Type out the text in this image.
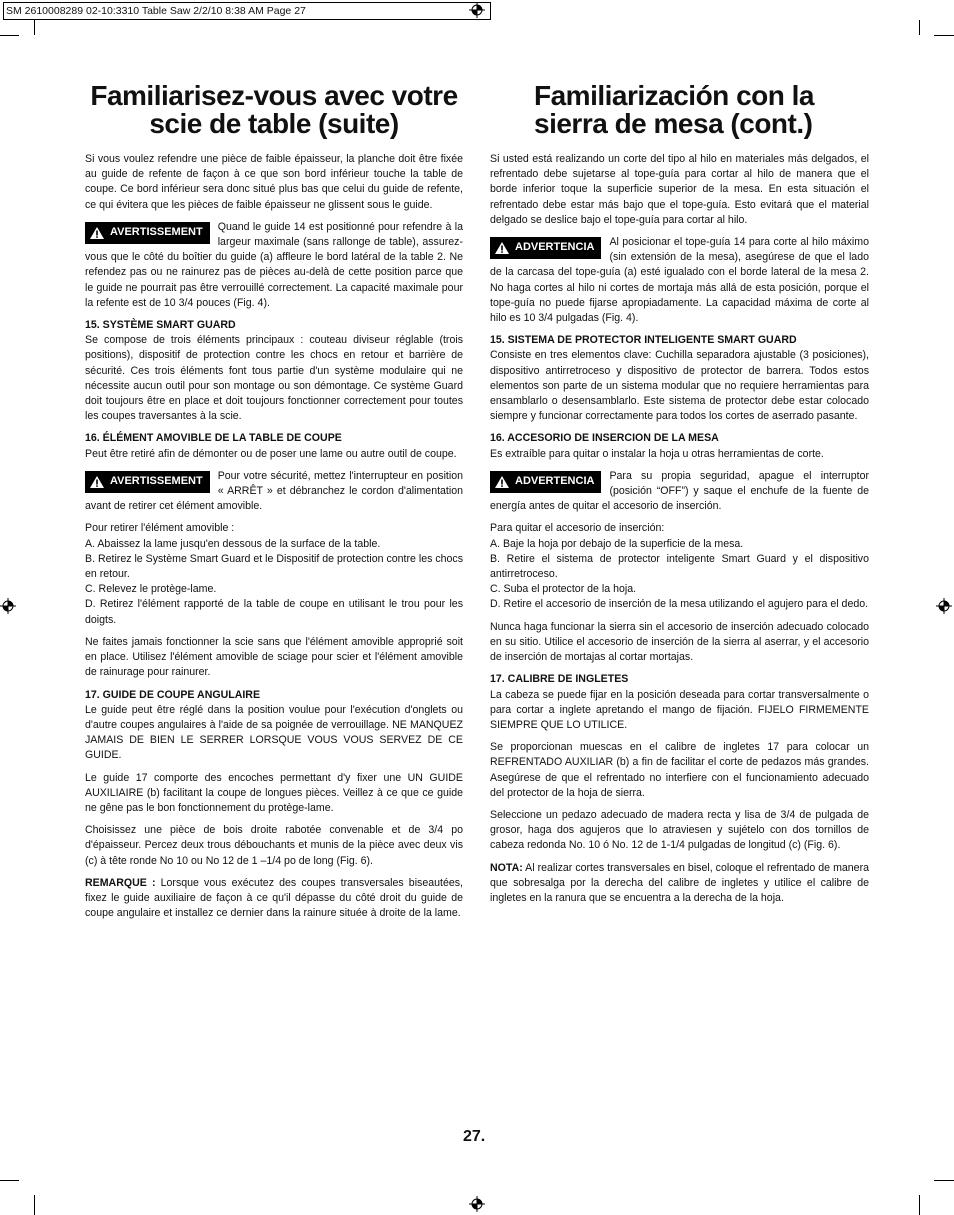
SM 2610008289 02-10:3310 Table Saw 2/2/10 8:38 AM Page 27
Familiarisez-vous avec votre scie de table (suite)

Si vous voulez refendre une pièce de faible épaisseur, la planche doit être fixée au guide de refente de façon à ce que son bord inférieur touche la table de coupe. Ce bord inférieur sera donc situé plus bas que celui du guide de refente, ce qui évitera que les pièces de faible épaisseur ne glissent sous le guide.

AVERTISSEMENT	Quand le guide 14 est positionné pour refendre à la largeur maximale (sans rallonge de table), assurez-vous que le côté du boîtier du guide (a) affleure le bord latéral de la table 2. Ne refendez pas ou ne rainurez pas de pièces au-delà de cette position parce que le guide ne pourrait pas être verrouillé correctement. La capacité maximale pour la refente est de 10 3/4 pouces (Fig. 4).

15. SYSTÈME SMART GUARD

Se compose de trois éléments principaux : couteau diviseur réglable (trois positions), dispositif de protection contre les chocs en retour et barrière de sécurité. Ces trois éléments font tous partie d'un système modulaire qui ne nécessite aucun outil pour son montage ou son démontage. Ce système Guard doit toujours être en place et doit toujours fonctionner correctement pour toutes les coupes traversantes à la scie.

16. ÉLÉMENT AMOVIBLE DE LA TABLE DE COUPE

Peut être retiré afin de démonter ou de poser une lame ou autre outil de coupe.

AVERTISSEMENT	Pour votre sécurité, mettez l'interrupteur en position « ARRÊT » et débranchez le cordon d'alimentation avant de retirer cet élément amovible.

Pour retirer l'élément amovible :

A. Abaissez la lame jusqu'en dessous de la surface de la table.

B. Retirez le Système Smart Guard et le Dispositif de protection contre les chocs en retour.

C. Relevez le protège-lame.

D. Retirez l'élément rapporté de la table de coupe en utilisant le trou pour les doigts.

Ne faites jamais fonctionner la scie sans que l'élément amovible approprié soit en place. Utilisez l'élément amovible de sciage pour scier et l'élément amovible de rainurage pour rainurer.

17. GUIDE DE COUPE ANGULAIRE

Le guide peut être réglé dans la position voulue pour l'exécution d'onglets ou d'autre coupes angulaires à l'aide de sa poignée de verrouillage. NE MANQUEZ JAMAIS DE BIEN LE SERRER LORSQUE VOUS VOUS SERVEZ DE CE GUIDE.

Le guide 17 comporte des encoches permettant d'y fixer une UN GUIDE AUXILIAIRE (b) facilitant la coupe de longues pièces. Veillez à ce que ce guide ne gêne pas le bon fonctionnement du protège-lame.

Choisissez une pièce de bois droite rabotée convenable et de 3/4 po d'épaisseur. Percez deux trous débouchants et munis de la pièce avec deux vis (c) à tête ronde No 10 ou No 12 de 1 –1/4 po de long (Fig. 6).

REMARQUE : Lorsque vous exécutez des coupes transversales biseautées, fixez le guide auxiliaire de façon à ce qu'il dépasse du côté droit du guide de coupe angulaire et installez ce dernier dans la rainure située à droite de la lame.

Familiarización con la sierra de mesa (cont.)

Si usted está realizando un corte del tipo al hilo en materiales más delgados, el refrentado debe sujetarse al tope-guía para cortar al hilo de manera que el borde inferior toque la superficie superior de la mesa. En esta situación el refrentado debe estar más bajo que el tope-guía. Esto evitará que el material delgado se deslice bajo el tope-guía para cortar al hilo.

ADVERTENCIA	Al posicionar el tope-guía 14 para corte al hilo máximo (sin extensión de la mesa), asegúrese de que el lado de la carcasa del tope-guía (a) esté igualado con el borde lateral de la mesa 2. No haga cortes al hilo ni cortes de mortaja más allá de esta posición, porque el tope-guía no puede fijarse apropiadamente. La capacidad máxima de corte al hilo es 10 3/4 pulgadas (Fig. 4).

15. SISTEMA DE PROTECTOR INTELIGENTE SMART GUARD

Consiste en tres elementos clave: Cuchilla separadora ajustable (3 posiciones), dispositivo antirretroceso y dispositivo de protector de barrera. Todos estos elementos son parte de un sistema modular que no requiere herramientas para ensamblarlo o desensamblarlo. Este sistema de protector debe estar colocado siempre y funcionar correctamente para todos los cortes de aserrado pasante.

16. ACCESORIO DE INSERCION DE LA MESA

Es extraíble para quitar o instalar la hoja u otras herramientas de corte.

ADVERTENCIA	Para su propia seguridad, apague el interruptor (posición “OFF”) y saque el enchufe de la fuente de energía antes de quitar el accesorio de inserción.

Para quitar el accesorio de inserción:

A. Baje la hoja por debajo de la superficie de la mesa.

B. Retire el sistema de protector inteligente Smart Guard y el dispositivo antirretroceso.

C. Suba el protector de la hoja.

D. Retire el accesorio de inserción de la mesa utilizando el agujero para el dedo.

Nunca haga funcionar la sierra sin el accesorio de inserción adecuado colocado en su sitio. Utilice el accesorio de inserción de la sierra al aserrar, y el accesorio de inserción de mortajas al cortar mortajas.

17. CALIBRE DE INGLETES

La cabeza se puede fijar en la posición deseada para cortar transversalmente o para cortar a inglete apretando el mango de fijación. FIJELO FIRMEMENTE SIEMPRE QUE LO UTILICE.

Se proporcionan muescas en el calibre de ingletes 17 para colocar un REFRENTADO AUXILIAR (b) a fin de facilitar el corte de pedazos más grandes. Asegúrese de que el refrentado no interfiere con el funcionamiento adecuado del protector de la hoja de sierra.

Seleccione un pedazo adecuado de madera recta y lisa de 3/4 de pulgada de grosor, haga dos agujeros que lo atraviesen y sujételo con dos tornillos de cabeza redonda No. 10 ó No. 12 de 1-1/4 pulgadas de longitud (c) (Fig. 6).

NOTA: Al realizar cortes transversales en bisel, coloque el refrentado de manera que sobresalga por la derecha del calibre de ingletes y utilice el calibre de ingletes en la ranura que se encuentra a la derecha de la hoja.

27.
